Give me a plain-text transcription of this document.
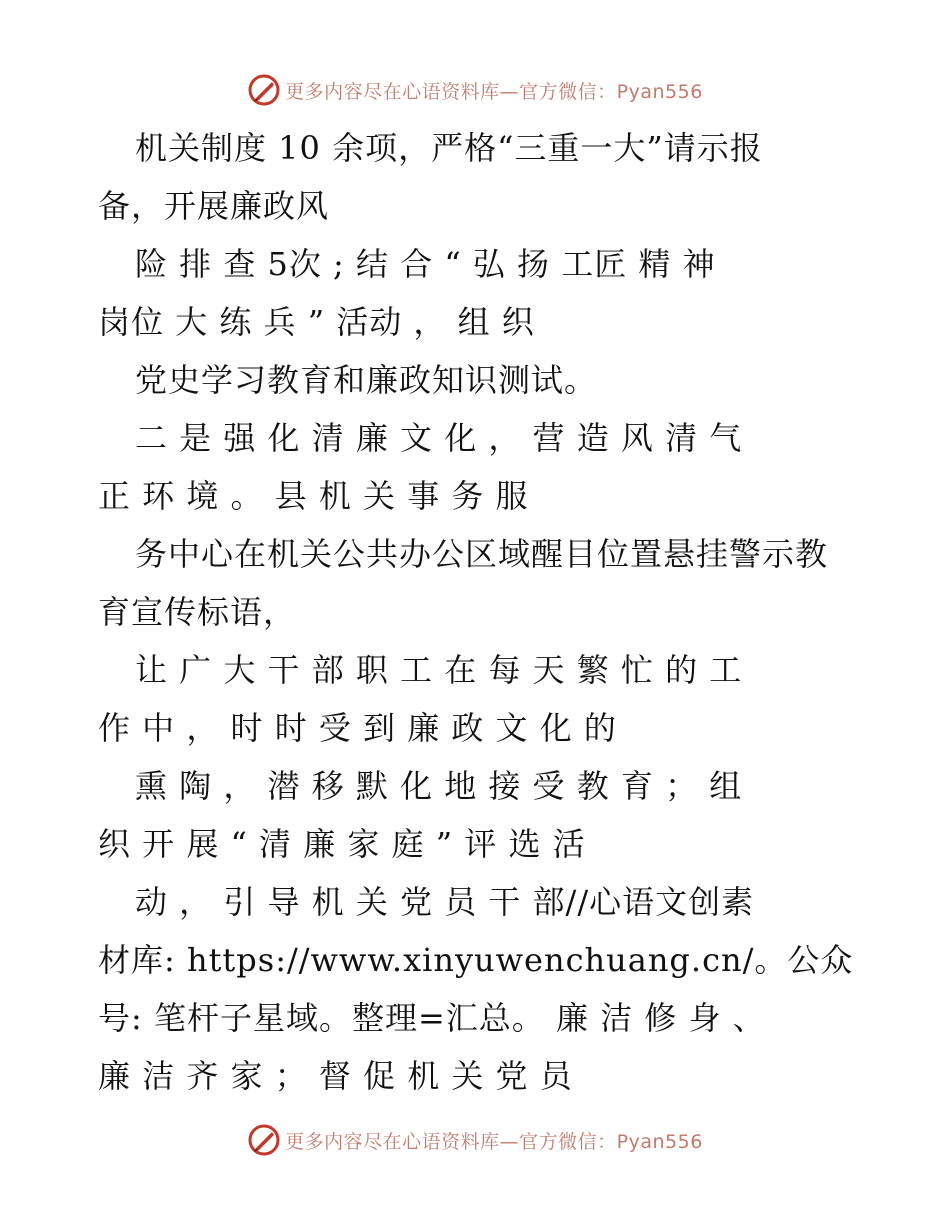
更多内容尽在心语资料库—官方微信：Pyan556
机关制度 10 余项，严格“三重一大”请示报
备，开展廉政风
险 排 查 5次 ; 结 合 “ 弘 扬 工匠 精 神
岗位 大 练 兵 ” 活动 ， 组 织
党史学习教育和廉政知识测试。
二 是 强 化 清 廉 文 化 ， 营 造 风 清 气
正 环 境 。 县 机 关 事 务 服
务中心在机关公共办公区域醒目位置悬挂警示教
育宣传标语，
让 广 大 干 部 职 工 在 每 天 繁 忙 的 工
作 中 ， 时 时 受 到 廉 政 文 化 的
熏 陶 ， 潜 移 默 化 地 接 受 教 育 ； 组
织 开 展 “ 清 廉 家 庭 ” 评 选 活
动 ， 引 导 机 关 党 员 干 部//心语文创素
材库: https://www.xinyuwenchuang.cn/。公众
号: 笔杆子星域。整理=汇总。 廉 洁 修 身 、
廉 洁 齐 家 ； 督 促 机 关 党 员
更多内容尽在心语资料库—官方微信：Pyan556
